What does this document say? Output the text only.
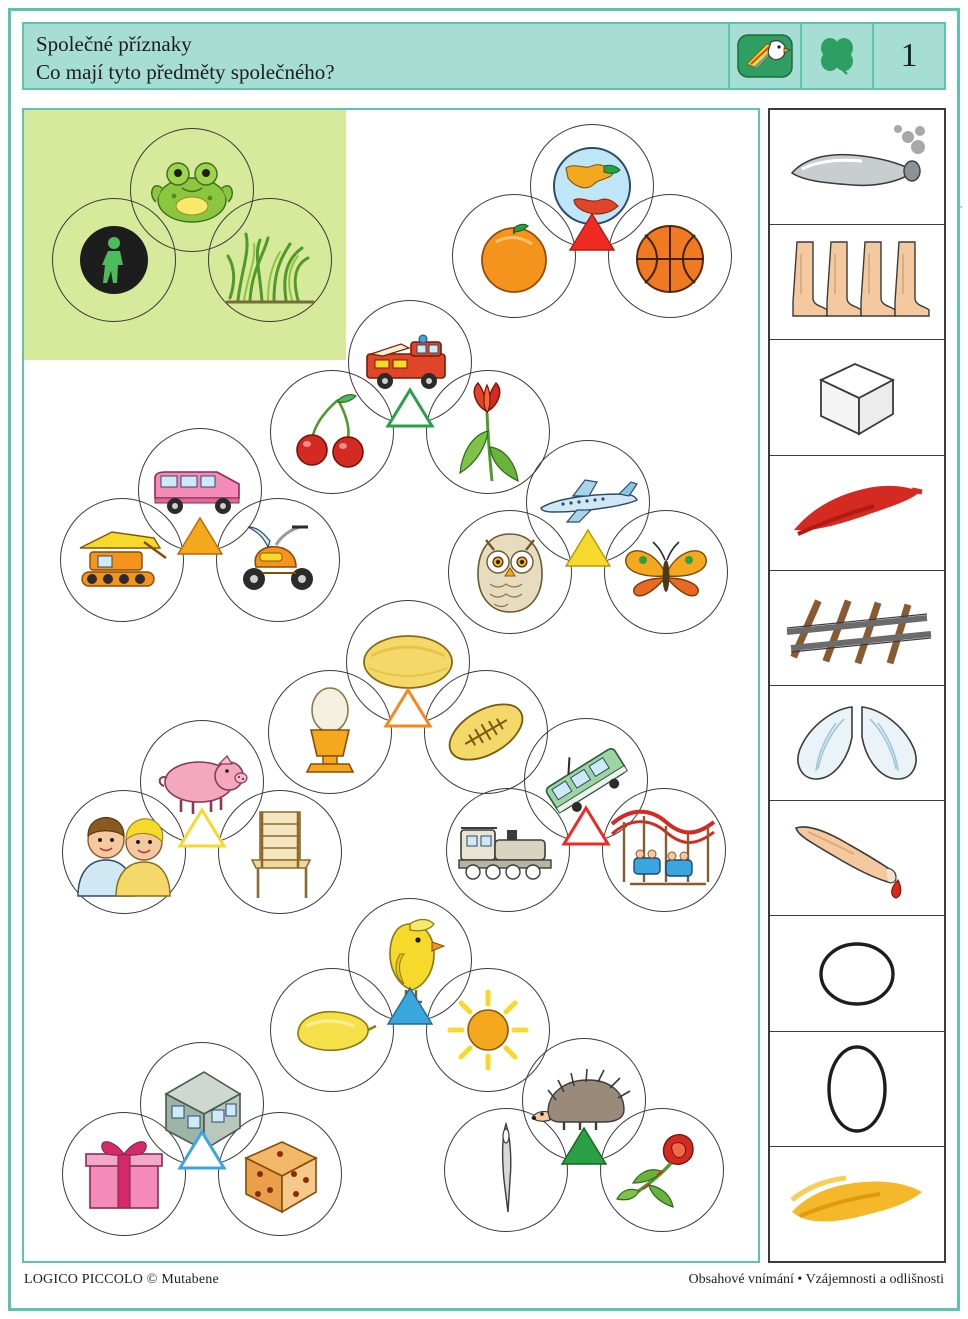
Společné příznaky
Co mají tyto předměty společného?	1
'
LOGICO PICCOLO © Mutabene	Obsahové vnímání • Vzájemnosti a odlišnosti
